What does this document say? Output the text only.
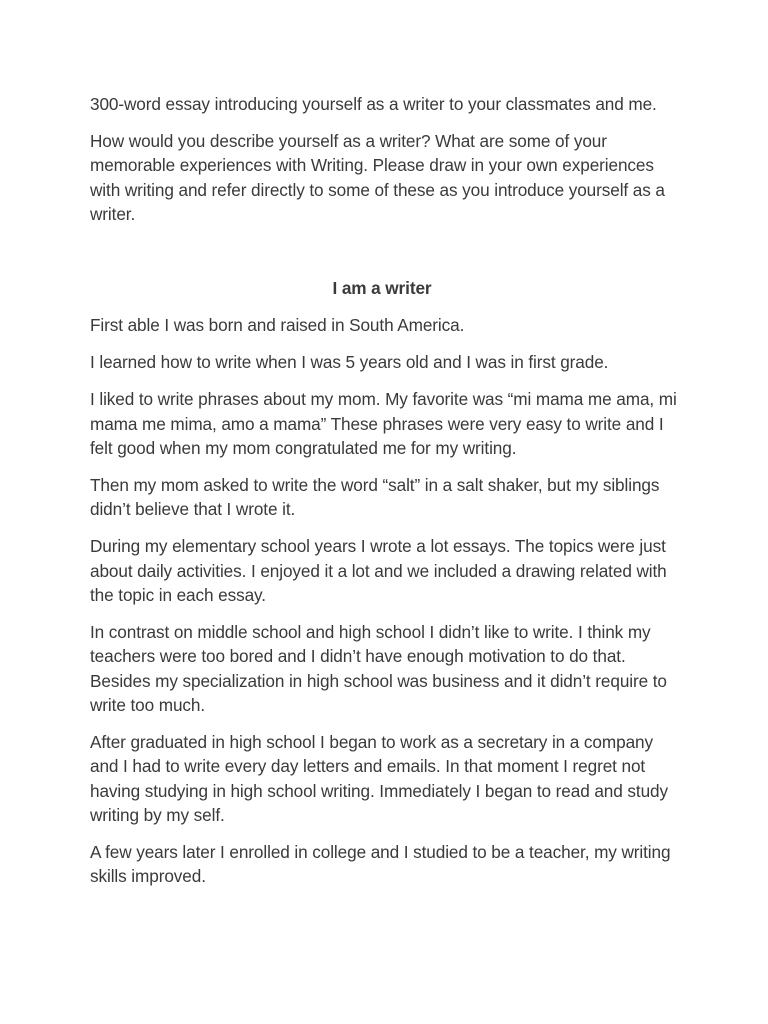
300-word essay introducing yourself as a writer to your classmates and me.

How would you describe yourself as a writer? What are some of your memorable experiences with Writing. Please draw in your own experiences with writing and refer directly to some of these as you introduce yourself as a writer.

I am a writer

First able I was born and raised in South America.

I learned how to write when I was 5 years old and I was in first grade.

I liked to write phrases about my mom. My favorite was “mi mama me ama, mi mama me mima, amo a mama” These phrases were very easy to write and I felt good when my mom congratulated me for my writing.

Then my mom asked to write the word “salt” in a salt shaker, but my siblings didn’t believe that I wrote it.

During my elementary school years I wrote a lot essays. The topics were just about daily activities. I enjoyed it a lot and we included a drawing related with the topic in each essay.

In contrast on middle school and high school I didn’t like to write. I think my teachers were too bored and I didn’t have enough motivation to do that. Besides my specialization in high school was business and it didn’t require to write too much.

After graduated in high school I began to work as a secretary in a company and I had to write every day letters and emails. In that moment I regret not having studying in high school writing. Immediately I began to read and study writing by my self.

A few years later I enrolled in college and I studied to be a teacher, my writing skills improved.
